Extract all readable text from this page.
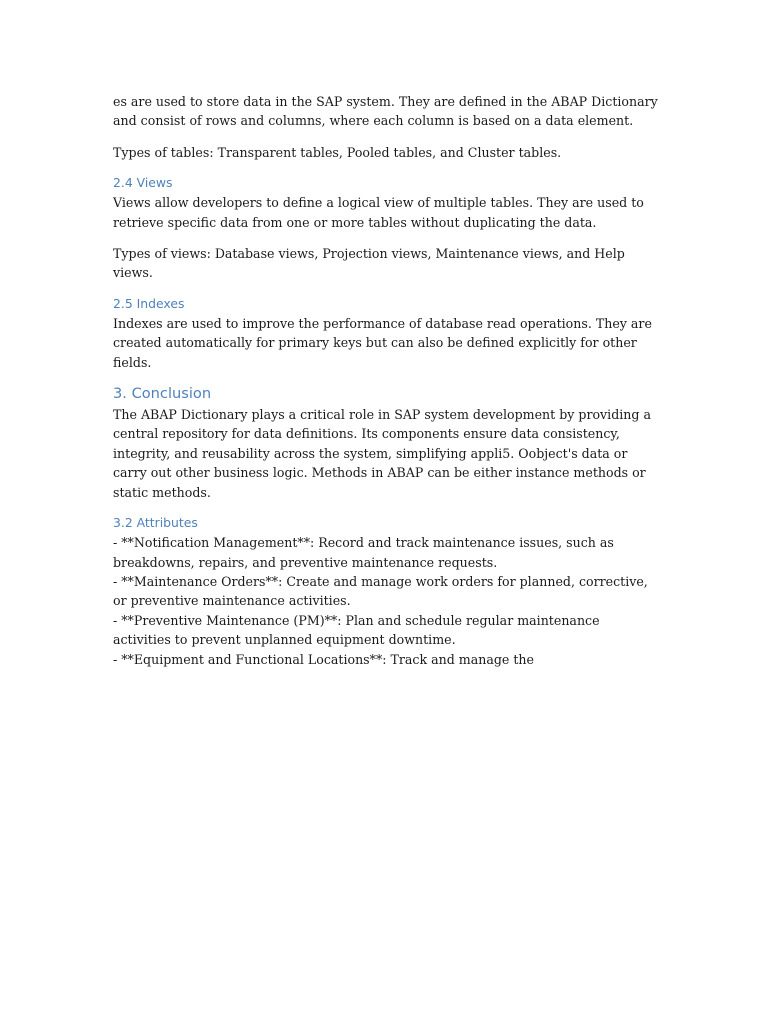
es are used to store data in the SAP system. They are defined in the ABAP Dictionary and consist of rows and columns, where each column is based on a data element.

Types of tables: Transparent tables, Pooled tables, and Cluster tables.

2.4 Views

Views allow developers to define a logical view of multiple tables. They are used to retrieve specific data from one or more tables without duplicating the data.

Types of views: Database views, Projection views, Maintenance views, and Help views.

2.5 Indexes

Indexes are used to improve the performance of database read operations. They are created automatically for primary keys but can also be defined explicitly for other fields.

3. Conclusion

The ABAP Dictionary plays a critical role in SAP system development by providing a central repository for data definitions. Its components ensure data consistency, integrity, and reusability across the system, simplifying appli5. Oobject's data or carry out other business logic. Methods in ABAP can be either instance methods or static methods.

3.2 Attributes
- **Notification Management**: Record and track maintenance issues, such as breakdowns, repairs, and preventive maintenance requests.
- **Maintenance Orders**: Create and manage work orders for planned, corrective, or preventive maintenance activities.
- **Preventive Maintenance (PM)**: Plan and schedule regular maintenance activities to prevent unplanned equipment downtime.
- **Equipment and Functional Locations**: Track and manage the
